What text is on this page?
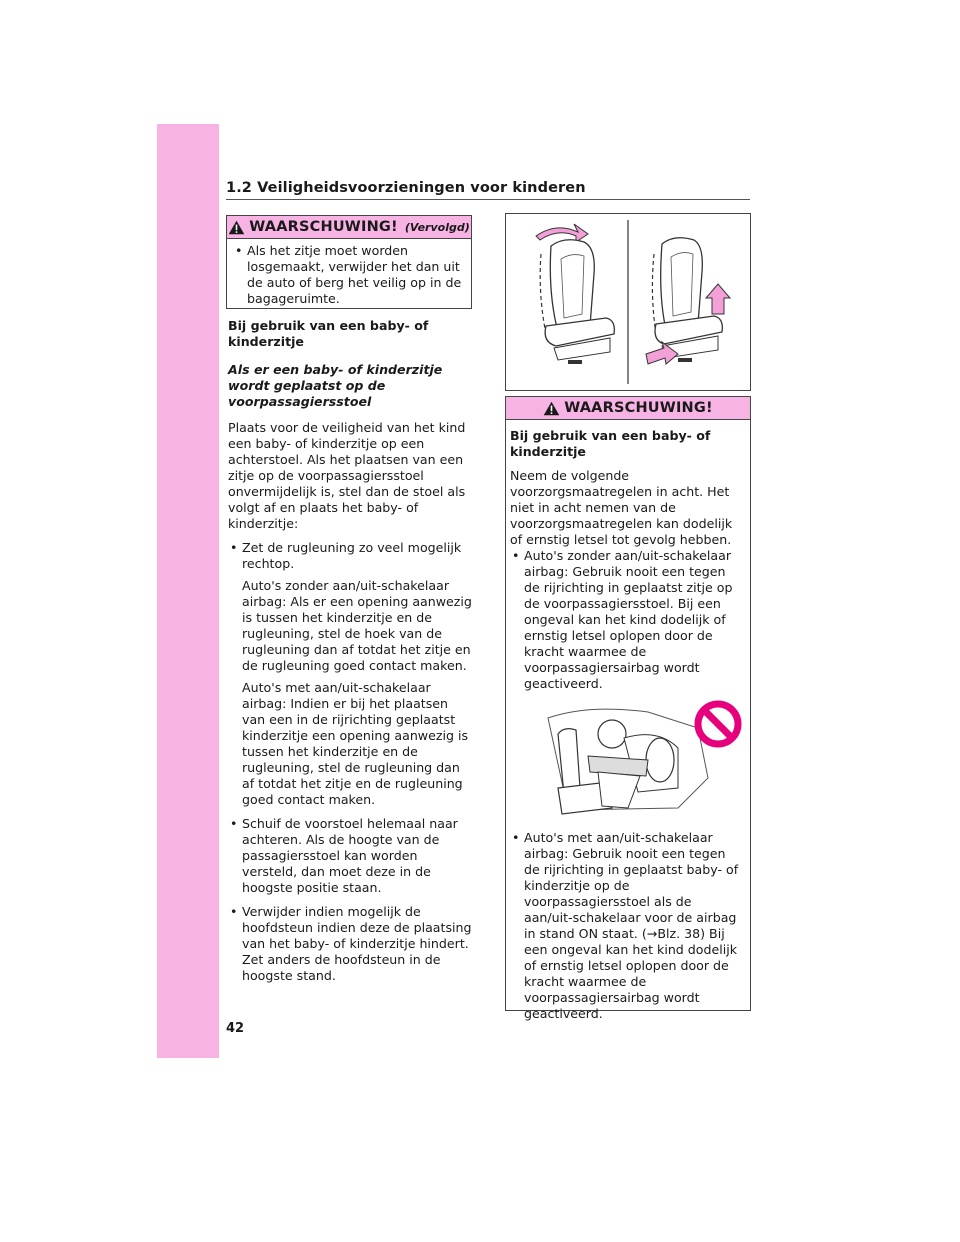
1.2 Veiligheidsvoorzieningen voor kinderen
WAARSCHUWING! (Vervolgd)
• Als het zitje moet worden losgemaakt, verwijder het dan uit de auto of berg het veilig op in de bagageruimte.
Bij gebruik van een baby- of kinderzitje
Als er een baby- of kinderzitje wordt geplaatst op de voorpassagiersstoel
Plaats voor de veiligheid van het kind een baby- of kinderzitje op een achterstoel. Als het plaatsen van een zitje op de voorpassagiersstoel onvermijdelijk is, stel dan de stoel als volgt af en plaats het baby- of kinderzitje:
• Zet de rugleuning zo veel mogelijk rechtop.
Auto's zonder aan/uit-schakelaar airbag: Als er een opening aanwezig is tussen het kinderzitje en de rugleuning, stel de hoek van de rugleuning dan af totdat het zitje en de rugleuning goed contact maken.
Auto's met aan/uit-schakelaar airbag: Indien er bij het plaatsen van een in de rijrichting geplaatst kinderzitje een opening aanwezig is tussen het kinderzitje en de rugleuning, stel de rugleuning dan af totdat het zitje en de rugleuning goed contact maken.
• Schuif de voorstoel helemaal naar achteren. Als de hoogte van de passagiersstoel kan worden versteld, dan moet deze in de hoogste positie staan.
• Verwijder indien mogelijk de hoofdsteun indien deze de plaatsing van het baby- of kinderzitje hindert. Zet anders de hoofdsteun in de hoogste stand.
WAARSCHUWING!
Bij gebruik van een baby- of kinderzitje
Neem de volgende voorzorgsmaatregelen in acht. Het niet in acht nemen van de voorzorgsmaatregelen kan dodelijk of ernstig letsel tot gevolg hebben.
• Auto's zonder aan/uit-schakelaar airbag: Gebruik nooit een tegen de rijrichting in geplaatst zitje op de voorpassagiersstoel. Bij een ongeval kan het kind dodelijk of ernstig letsel oplopen door de kracht waarmee de voorpassagiersairbag wordt geactiveerd.
• Auto's met aan/uit-schakelaar airbag: Gebruik nooit een tegen de rijrichting in geplaatst baby- of kinderzitje op de voorpassagiersstoel als de aan/uit-schakelaar voor de airbag in stand ON staat. (→Blz. 38) Bij een ongeval kan het kind dodelijk of ernstig letsel oplopen door de kracht waarmee de voorpassagiersairbag wordt geactiveerd.
42
